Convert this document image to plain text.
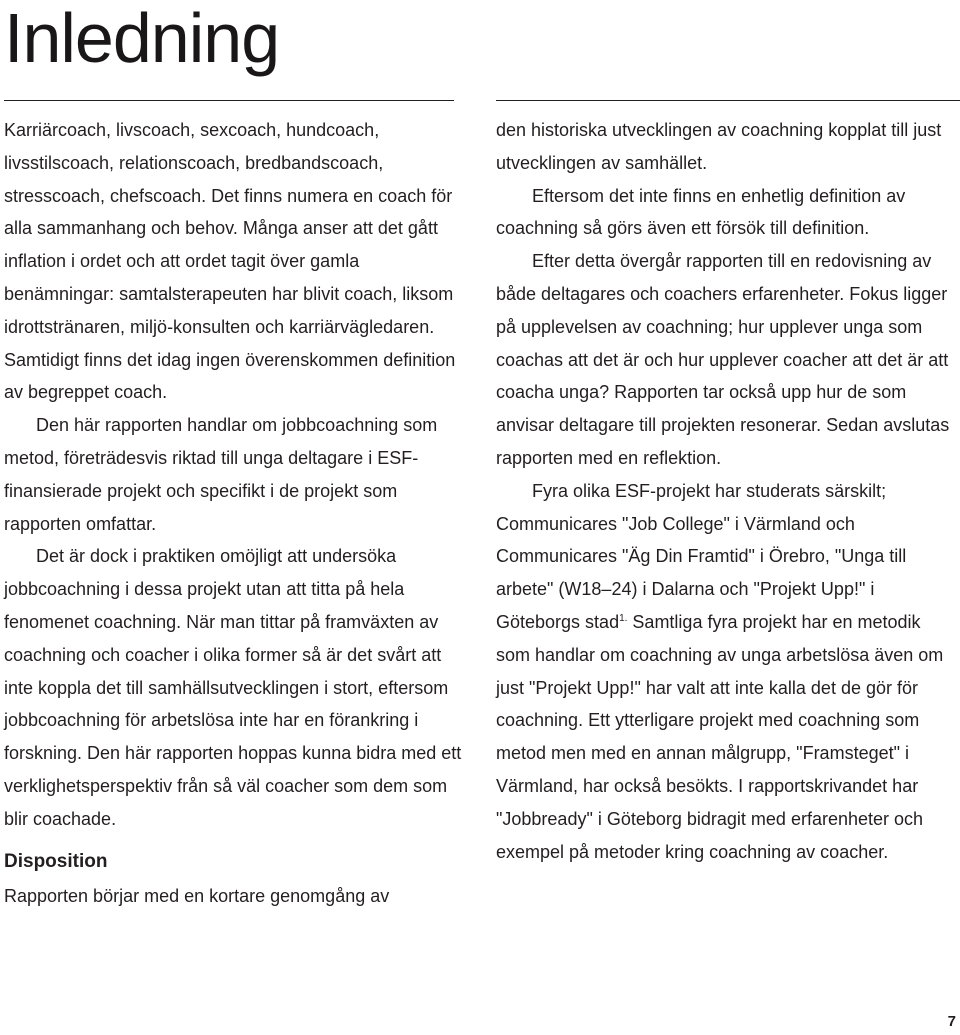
Inledning

Karriärcoach, livscoach, sexcoach, hundcoach, livsstilscoach, relationscoach, bredbandscoach, stresscoach, chefscoach. Det finns numera en coach för alla sammanhang och behov. Många anser att det gått inflation i ordet och att ordet tagit över gamla benämningar: samtalsterapeuten har blivit coach, liksom idrottstränaren, miljö-konsulten och karriärvägledaren. Samtidigt finns det idag ingen överenskommen definition av begreppet coach.

Den här rapporten handlar om jobbcoachning som metod, företrädesvis riktad till unga deltagare i ESF-finansierade projekt och specifikt i de projekt som rapporten omfattar.

Det är dock i praktiken omöjligt att undersöka jobbcoachning i dessa projekt utan att titta på hela fenomenet coachning. När man tittar på framväxten av coachning och coacher i olika former så är det svårt att inte koppla det till samhällsutvecklingen i stort, eftersom jobbcoachning för arbetslösa inte har en förankring i forskning. Den här rapporten hoppas kunna bidra med ett verklighetsperspektiv från så väl coacher som dem som blir coachade.

Disposition

Rapporten börjar med en kortare genomgång av

den historiska utvecklingen av coachning kopplat till just utvecklingen av samhället.

Eftersom det inte finns en enhetlig definition av coachning så görs även ett försök till definition.

Efter detta övergår rapporten till en redovisning av både deltagares och coachers erfarenheter. Fokus ligger på upplevelsen av coachning; hur upplever unga som coachas att det är och hur upplever coacher att det är att coacha unga? Rapporten tar också upp hur de som anvisar deltagare till projekten resonerar. Sedan avslutas rapporten med en reflektion.

Fyra olika ESF-projekt har studerats särskilt; Communicares "Job College" i Värmland och Communicares "Äg Din Framtid" i Örebro, "Unga till arbete" (W18–24) i Dalarna och "Projekt Upp!" i Göteborgs stad$^{1.}$ Samtliga fyra projekt har en metodik som handlar om coachning av unga arbetslösa även om just "Projekt Upp!" har valt att inte kalla det de gör för coachning. Ett ytterligare projekt med coachning som metod men med en annan målgrupp, "Framsteget" i Värmland, har också besökts. I rapportskrivandet har "Jobbready" i Göteborg bidragit med erfarenheter och exempel på metoder kring coachning av coacher.

7
